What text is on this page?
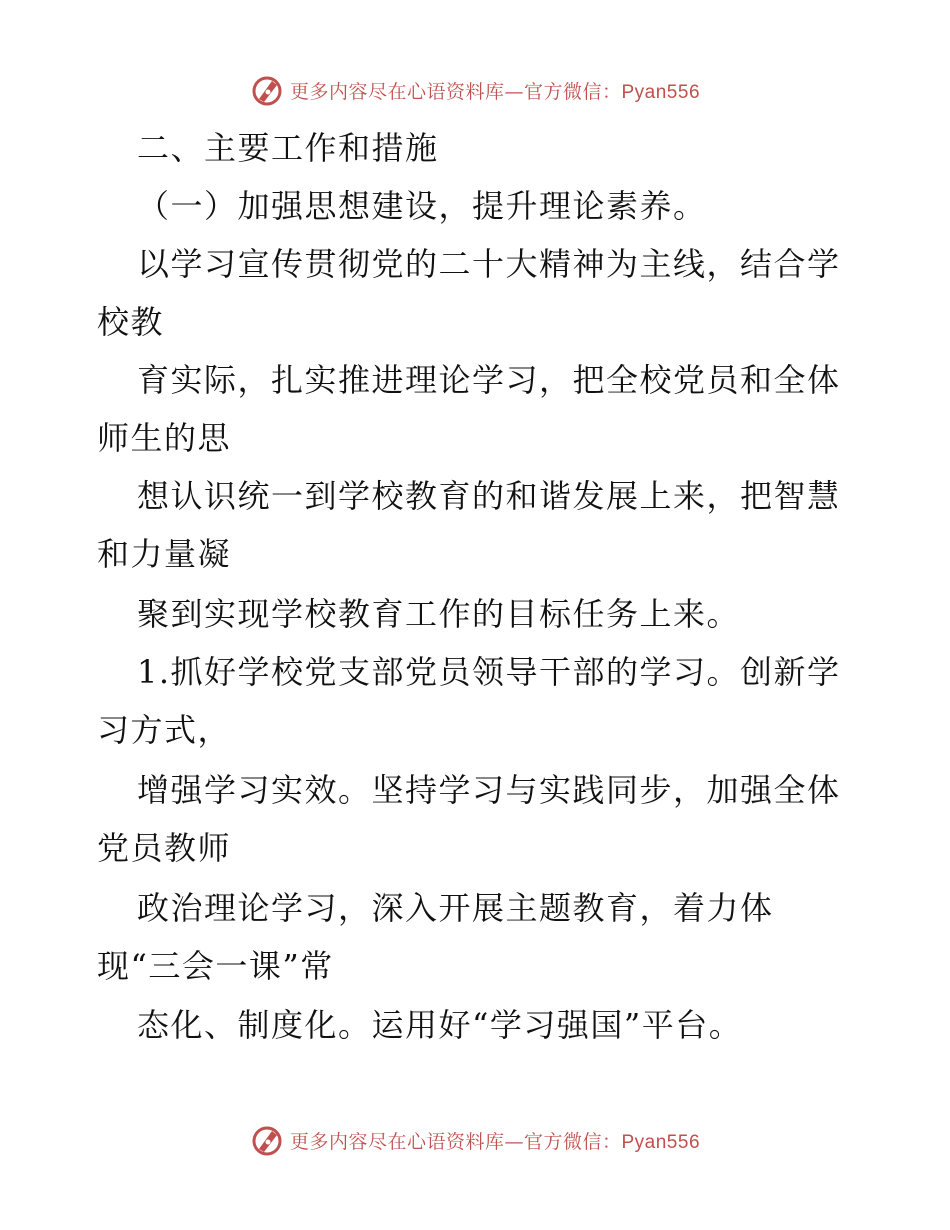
更多内容尽在心语资料库—官方微信：Pyan556
二、主要工作和措施
（一）加强思想建设，提升理论素养。
以学习宣传贯彻党的二十大精神为主线，结合学
校教
育实际，扎实推进理论学习，把全校党员和全体
师生的思
想认识统一到学校教育的和谐发展上来，把智慧
和力量凝
聚到实现学校教育工作的目标任务上来。
1.抓好学校党支部党员领导干部的学习。创新学
习方式，
增强学习实效。坚持学习与实践同步，加强全体
党员教师
政治理论学习，深入开展主题教育，着力体
现“三会一课”常
态化、制度化。运用好“学习强国”平台。
更多内容尽在心语资料库—官方微信：Pyan556
